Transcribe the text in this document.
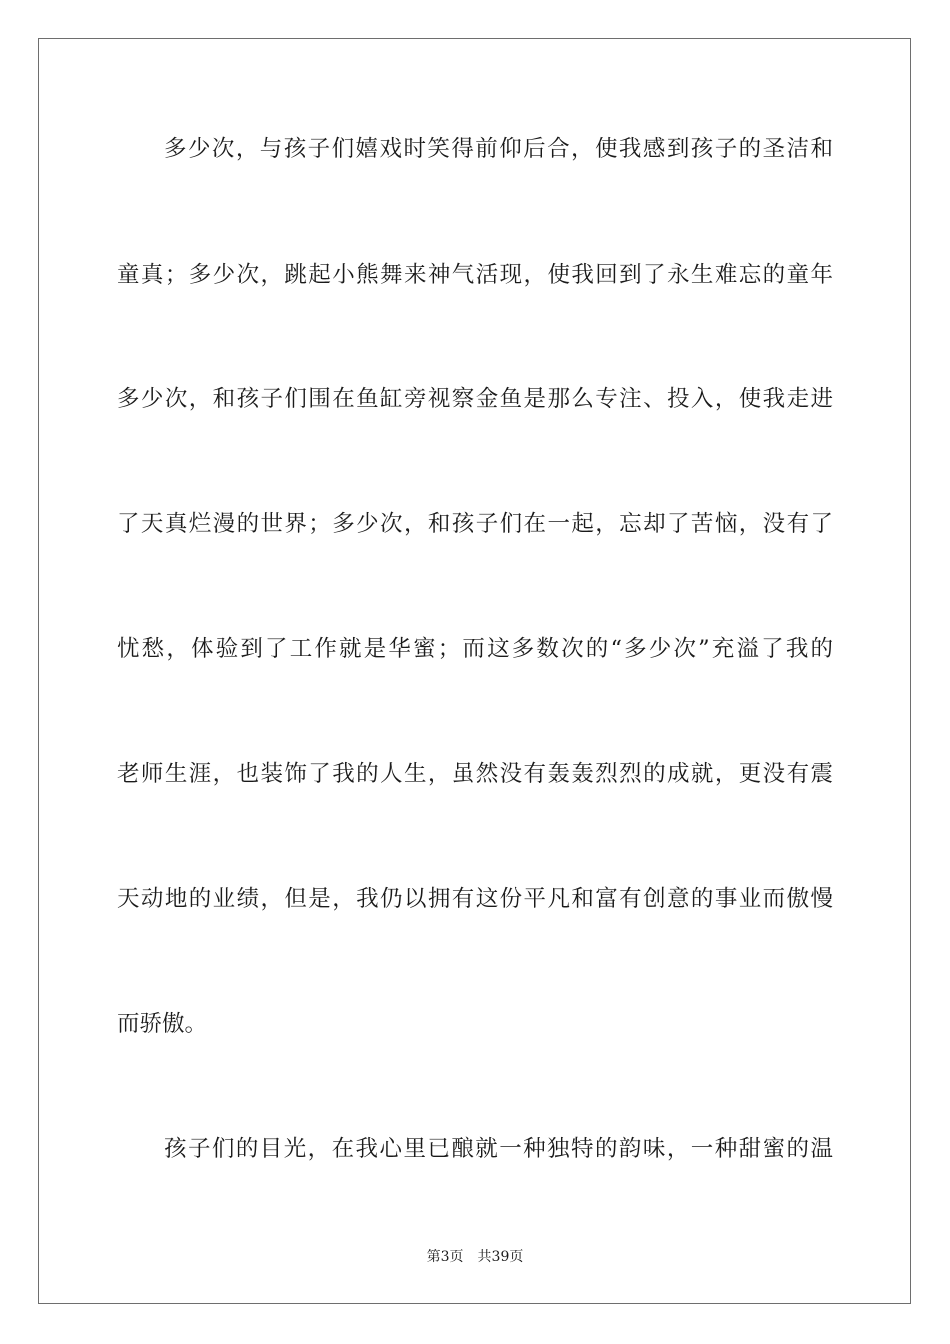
多少次，与孩子们嬉戏时笑得前仰后合，使我感到孩子的圣洁和
童真；多少次，跳起小熊舞来神气活现，使我回到了永生难忘的童年
多少次，和孩子们围在鱼缸旁视察金鱼是那么专注、投入，使我走进
了天真烂漫的世界；多少次，和孩子们在一起，忘却了苦恼，没有了
忧愁，体验到了工作就是华蜜；而这多数次的“多少次”充溢了我的
老师生涯，也装饰了我的人生，虽然没有轰轰烈烈的成就，更没有震
天动地的业绩，但是，我仍以拥有这份平凡和富有创意的事业而傲慢
而骄傲。
孩子们的目光，在我心里已酿就一种独特的韵味，一种甜蜜的温
第3页 共39页
